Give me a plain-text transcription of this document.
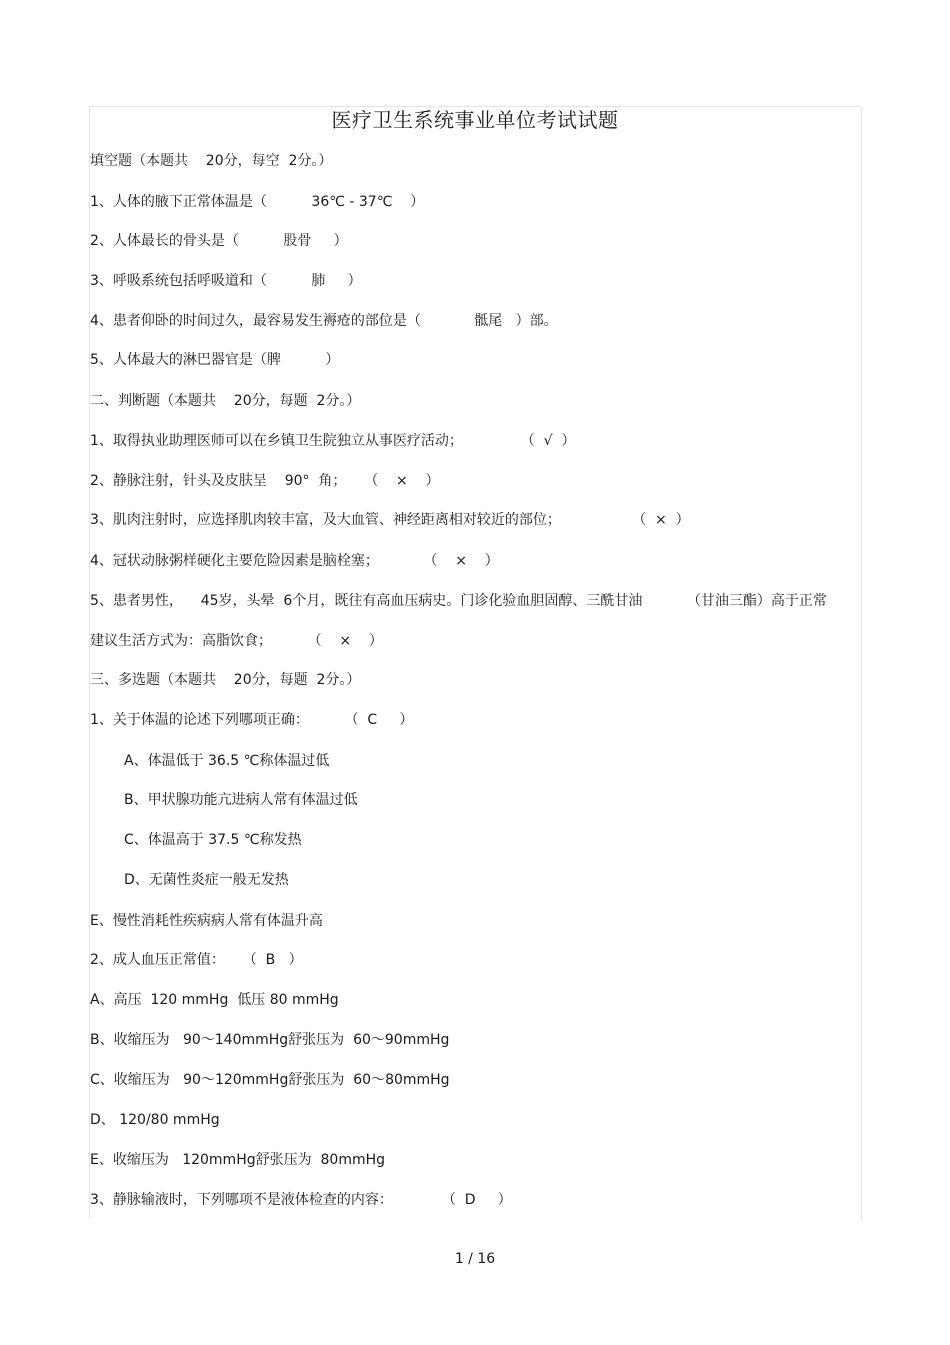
医疗卫生系统事业单位考试试题
填空题（本题共    20分，每空  2分。）
1、人体的腋下正常体温是（          36℃ - 37℃    ）
2、人体最长的骨头是（          股骨     ）
3、呼吸系统包括呼吸道和（          肺     ）
4、患者仰卧的时间过久，最容易发生褥疮的部位是（            骶尾   ）部。
5、人体最大的淋巴器官是（脾          ）
二、判断题（本题共    20分，每题  2分。）
1、取得执业助理医师可以在乡镇卫生院独立从事医疗活动；             （  √  ）
2、静脉注射，针头及皮肤呈    90°  角；    （    ×    ）
3、肌肉注射时，应选择肌肉较丰富，及大血管、神经距离相对较近的部位；                （  ×  ）
4、冠状动脉粥样硬化主要危险因素是脑栓塞；          （    ×    ）
5、患者男性，    45岁，头晕  6个月，既往有高血压病史。门诊化验血胆固醇、三酰甘油          （甘油三酯）高于正常
建议生活方式为：高脂饮食；        （    ×    ）
三、多选题（本题共    20分，每题  2分。）
1、关于体温的论述下列哪项正确：        （  C     ）
A、体温低于 36.5 ℃称体温过低
B、甲状腺功能亢进病人常有体温过低
C、体温高于 37.5 ℃称发热
D、无菌性炎症一般无发热
E、慢性消耗性疾病病人常有体温升高
2、成人血压正常值：    （  B   ）
A、高压  120 mmHg  低压 80 mmHg
B、收缩压为   90～140mmHg舒张压为  60～90mmHg
C、收缩压为   90～120mmHg舒张压为  60～80mmHg
D、 120/80 mmHg
E、收缩压为   120mmHg舒张压为  80mmHg
3、静脉输液时，下列哪项不是液体检查的内容：           （  D     ）
1 / 16
